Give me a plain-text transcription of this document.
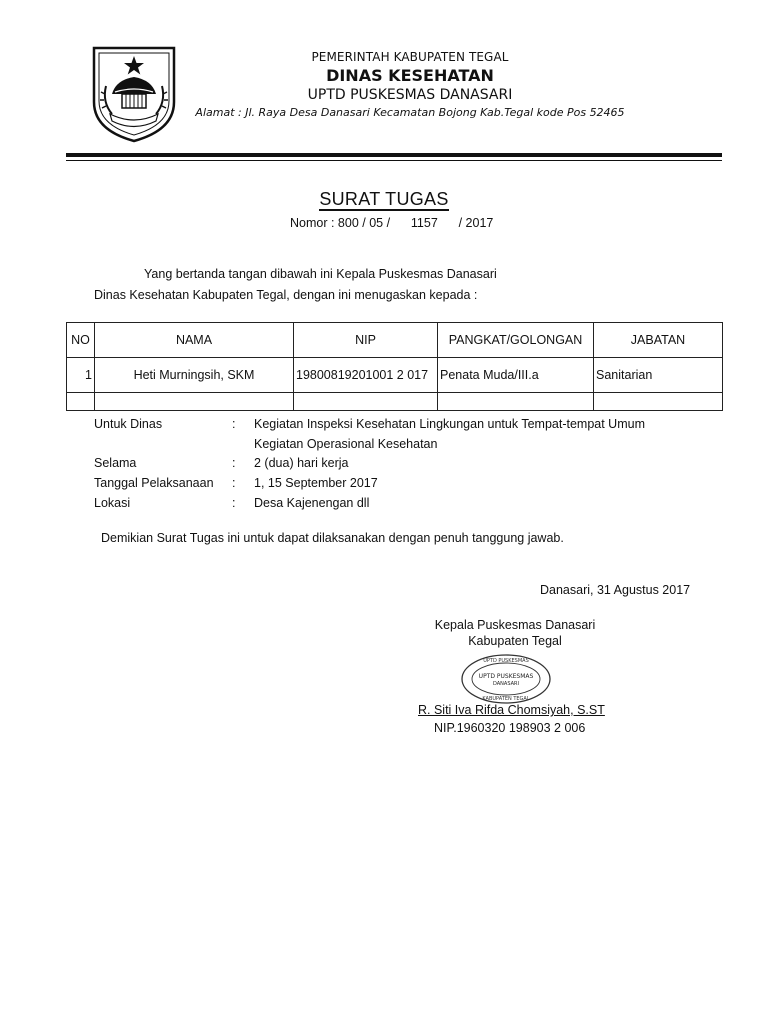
PEMERINTAH KABUPATEN TEGAL
DINAS KESEHATAN
UPTD PUSKESMAS DANASARI
Alamat : Jl. Raya Desa Danasari Kecamatan Bojong Kab.Tegal kode Pos 52465
SURAT TUGAS
Nomor : 800 / 05 /      1157      / 2017
Yang bertanda tangan dibawah ini Kepala Puskesmas Danasari
Dinas Kesehatan Kabupaten Tegal, dengan ini menugaskan kepada :
NO	NAMA	NIP	PANGKAT/GOLONGAN	JABATAN
1	Heti Murningsih, SKM	19800819201001 2 017	Penata Muda/III.a	Sanitarian

Untuk Dinas	: Kegiatan Inspeksi Kesehatan Lingkungan untuk Tempat-tempat Umum
Kegiatan Operasional Kesehatan
Selama	: 2 (dua) hari kerja
Tanggal Pelaksanaan : 1, 15 September 2017
Lokasi	: Desa Kajenengan dll
Demikian Surat Tugas ini untuk dapat dilaksanakan dengan penuh tanggung jawab.
Danasari, 31 Agustus 2017
Kepala Puskesmas Danasari
Kabupaten Tegal
UPTD PUSKESMAS
UPTD PUSKESMAS
DANASARI
KABUPATEN TEGAL
R. Siti Iva Rifda Chomsiyah, S.ST
NIP.1960320 198903 2 006
